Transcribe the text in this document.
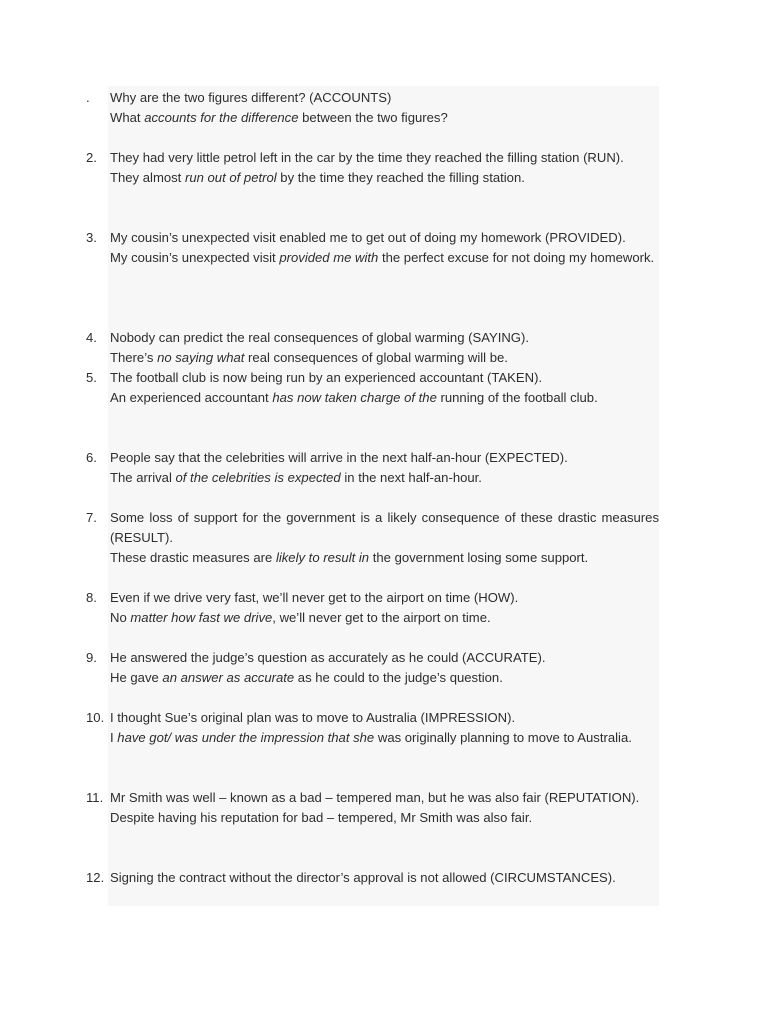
.	Why are the two figures different? (ACCOUNTS)

What accounts for the difference between the two figures?

2. They had very little petrol left in the car by the time they reached the filling station (RUN).

They almost run out of petrol by the time they reached the filling station.

3. My cousin’s unexpected visit enabled me to get out of doing my homework (PROVIDED).

My cousin’s unexpected visit provided me with the perfect excuse for not doing my homework.

4. Nobody can predict the real consequences of global warming (SAYING).

There’s no saying what real consequences of global warming will be.

5. The football club is now being run by an experienced accountant (TAKEN).

An experienced accountant has now taken charge of the running of the football club.

6. People say that the celebrities will arrive in the next half-an-hour (EXPECTED).

The arrival of the celebrities is expected in the next half-an-hour.

7. Some loss of support for the government is a likely consequence of these drastic measures (RESULT).

These drastic measures are likely to result in the government losing some support.

8. Even if we drive very fast, we’ll never get to the airport on time (HOW).

No matter how fast we drive, we’ll never get to the airport on time.

9. He answered the judge’s question as accurately as he could (ACCURATE).

He gave an answer as accurate as he could to the judge’s question.

10. I thought Sue’s original plan was to move to Australia (IMPRESSION).

I have got/ was under the impression that she was originally planning to move to Australia.

11. Mr Smith was well – known as a bad – tempered man, but he was also fair (REPUTATION).

Despite having his reputation for bad – tempered, Mr Smith was also fair.

12. Signing the contract without the director’s approval is not allowed (CIRCUMSTANCES).
